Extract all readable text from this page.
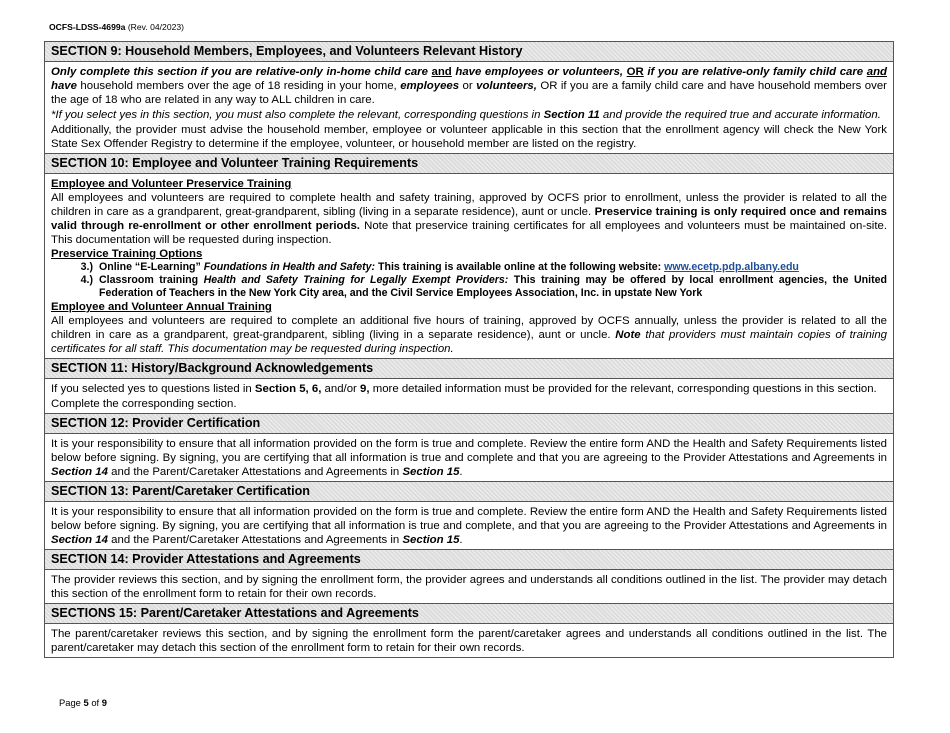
OCFS-LDSS-4699a (Rev. 04/2023)
SECTION 9: Household Members, Employees, and Volunteers Relevant History

Only complete this section if you are relative-only in-home child care and have employees or volunteers, OR if you are relative-only family child care and have household members over the age of 18 residing in your home, employees or volunteers, OR if you are a family child care and have household members over the age of 18 who are related in any way to ALL children in care.

*If you select yes in this section, you must also complete the relevant, corresponding questions in Section 11 and provide the required true and accurate information.

Additionally, the provider must advise the household member, employee or volunteer applicable in this section that the enrollment agency will check the New York State Sex Offender Registry to determine if the employee, volunteer, or household member are listed on the registry.

SECTION 10: Employee and Volunteer Training Requirements

Employee and Volunteer Preservice Training

All employees and volunteers are required to complete health and safety training, approved by OCFS prior to enrollment, unless the provider is related to all the children in care as a grandparent, great-grandparent, sibling (living in a separate residence), aunt or uncle. Preservice training is only required once and remains valid through re-enrollment or other enrollment periods. Note that preservice training certificates for all employees and volunteers must be maintained on-site. This documentation will be requested during inspection.

Preservice Training Options

3.) Online “E-Learning” Foundations in Health and Safety: This training is available online at the following website: www.ecetp.pdp.albany.edu
4.) Classroom training Health and Safety Training for Legally Exempt Providers: This training may be offered by local enrollment agencies, the United Federation of Teachers in the New York City area, and the Civil Service Employees Association, Inc. in upstate New York

Employee and Volunteer Annual Training

All employees and volunteers are required to complete an additional five hours of training, approved by OCFS annually, unless the provider is related to all the children in care as a grandparent, great-grandparent, sibling (living in a separate residence), aunt or uncle. Note that providers must maintain copies of training certificates for all staff. This documentation may be requested during inspection.

SECTION 11: History/Background Acknowledgements

If you selected yes to questions listed in Section 5, 6, and/or 9, more detailed information must be provided for the relevant, corresponding questions in this section.

Complete the corresponding section.

SECTION 12: Provider Certification

It is your responsibility to ensure that all information provided on the form is true and complete. Review the entire form AND the Health and Safety Requirements listed below before signing. By signing, you are certifying that all information is true and complete and that you are agreeing to the Provider Attestations and Agreements in Section 14 and the Parent/Caretaker Attestations and Agreements in Section 15.

SECTION 13: Parent/Caretaker Certification

It is your responsibility to ensure that all information provided on the form is true and complete. Review the entire form AND the Health and Safety Requirements listed below before signing. By signing, you are certifying that all information is true and complete, and that you are agreeing to the Provider Attestations and Agreements in Section 14 and the Parent/Caretaker Attestations and Agreements in Section 15.

SECTION 14: Provider Attestations and Agreements

The provider reviews this section, and by signing the enrollment form, the provider agrees and understands all conditions outlined in the list. The provider may detach this section of the enrollment form to retain for their own records.

SECTIONS 15: Parent/Caretaker Attestations and Agreements

The parent/caretaker reviews this section, and by signing the enrollment form the parent/caretaker agrees and understands all conditions outlined in the list. The parent/caretaker may detach this section of the enrollment form to retain for their own records.

Page 5 of 9
